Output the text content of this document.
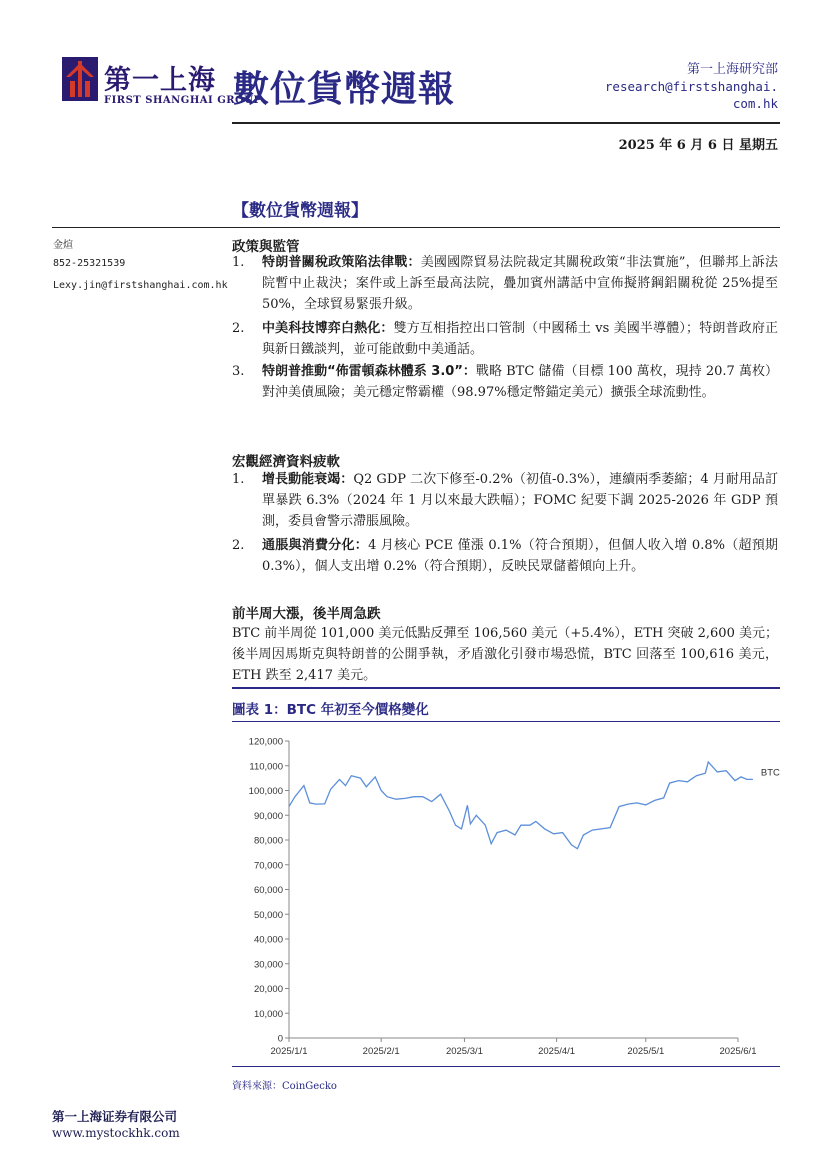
第一上海
FIRST SHANGHAI GROUP
數位貨幣週報	第一上海研究部
research@firstshanghai.com.hk
2025 年 6 月 6 日 星期五
【數位貨幣週報】
金煊
852-25321539
Lexy.jin@firstshanghai.com.hk
政策與監管
1. 特朗普關稅政策陷法律戰：美國國際貿易法院裁定其關稅政策“非法實施”，但聯邦上訴法院暫中止裁決；案件或上訴至最高法院，疊加賓州講話中宣佈擬將鋼鋁關稅從 25%提至 50%，全球貿易緊張升級。
2. 中美科技博弈白熱化：雙方互相指控出口管制（中國稀土 vs 美國半導體）；特朗普政府正與新日鐵談判，並可能啟動中美通話。
3. 特朗普推動“佈雷頓森林體系 3.0”：戰略 BTC 儲備（目標 100 萬枚，現持 20.7 萬枚）對沖美債風險；美元穩定幣霸權（98.97%穩定幣錨定美元）擴張全球流動性。
宏觀經濟資料疲軟
1. 增長動能衰竭：Q2 GDP 二次下修至-0.2%（初值-0.3%），連續兩季萎縮；4 月耐用品訂單暴跌 6.3%（2024 年 1 月以來最大跌幅）；FOMC 紀要下調 2025-2026 年 GDP 預測，委員會警示滯脹風險。
2. 通脹與消費分化：4 月核心 PCE 僅漲 0.1%（符合預期），但個人收入增 0.8%（超預期 0.3%），個人支出增 0.2%（符合預期），反映民眾儲蓄傾向上升。
前半周大漲，後半周急跌
BTC 前半周從 101,000 美元低點反彈至 106,560 美元（+5.4%），ETH 突破 2,600 美元；後半周因馬斯克與特朗普的公開爭執，矛盾激化引發市場恐慌，BTC 回落至 100,616 美元，ETH 跌至 2,417 美元。
圖表 1：BTC 年初至今價格變化
0
10,000
20,000
30,000
40,000
50,000
60,000
70,000
80,000
90,000
100,000
110,000
120,000
2025/1/1	2025/2/1	2025/3/1	2025/4/1	2025/5/1	2025/6/1
BTC
資料來源：CoinGecko
第一上海证券有限公司
www.mystockhk.com
